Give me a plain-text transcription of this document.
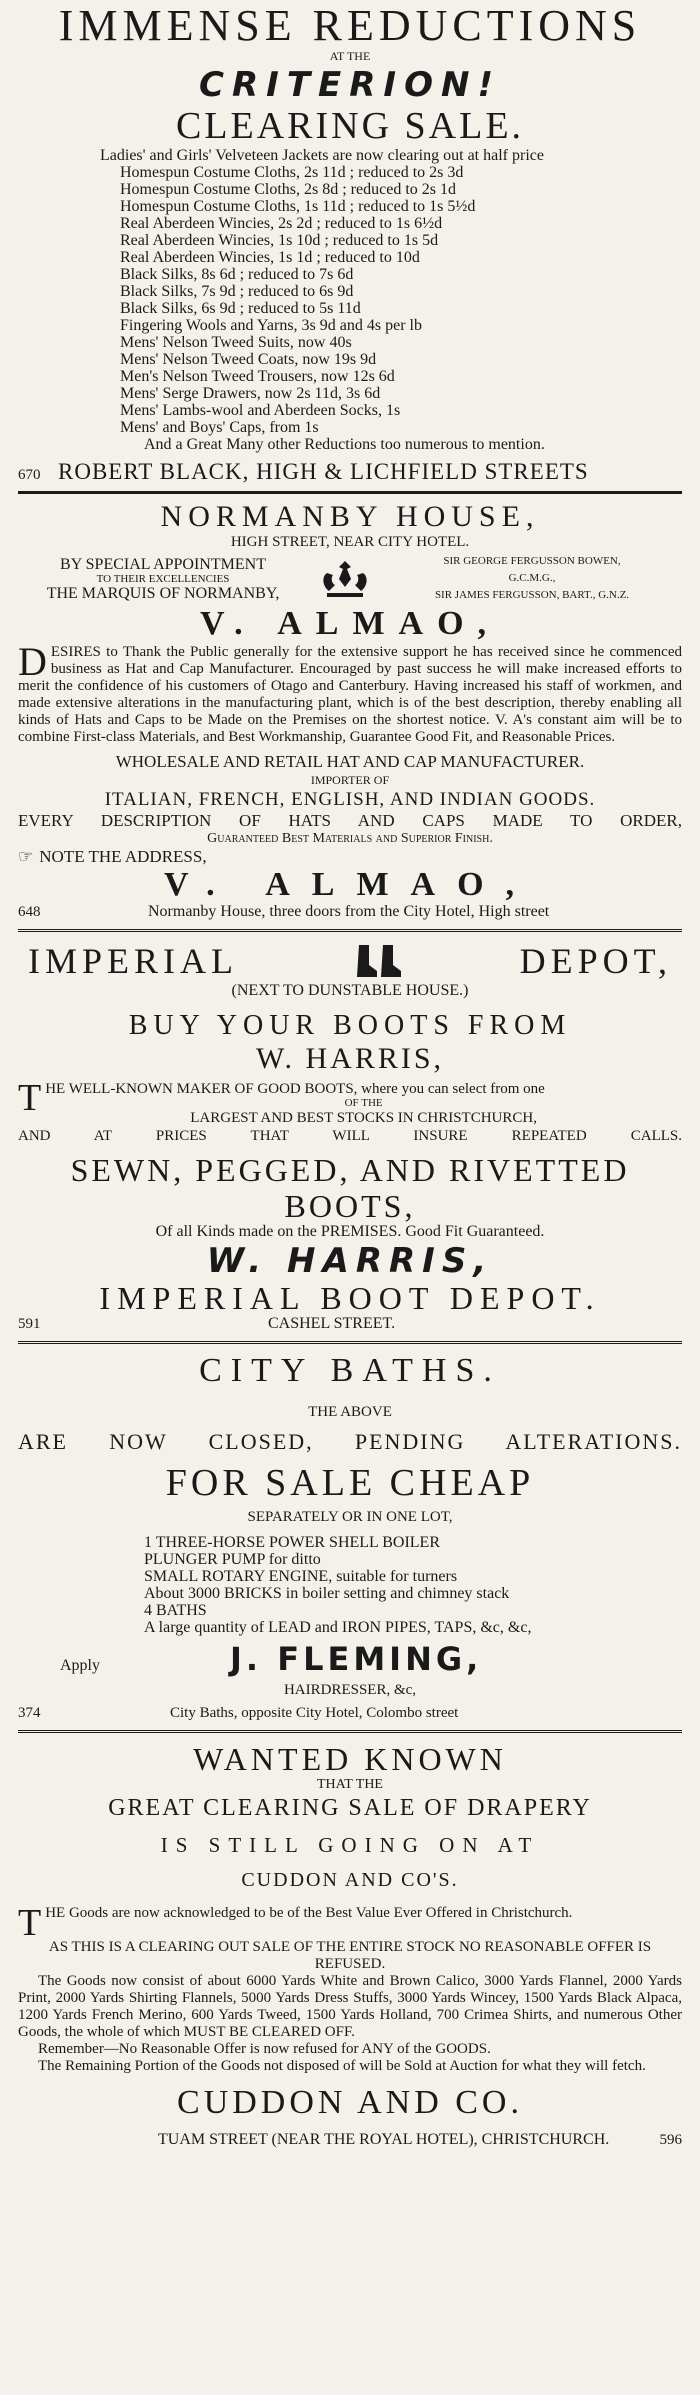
IMMENSE REDUCTIONS
AT THE
CRITERION!
CLEARING SALE.
Ladies' and Girls' Velveteen Jackets are now clearing out at half price
Homespun Costume Cloths, 2s 11d ; reduced to 2s 3d
Homespun Costume Cloths, 2s 8d ; reduced to 2s 1d
Homespun Costume Cloths, 1s 11d ; reduced to 1s 5½d
Real Aberdeen Wincies, 2s 2d ; reduced to 1s 6½d
Real Aberdeen Wincies, 1s 10d ; reduced to 1s 5d
Real Aberdeen Wincies, 1s 1d ; reduced to 10d
Black Silks, 8s 6d ; reduced to 7s 6d
Black Silks, 7s 9d ; reduced to 6s 9d
Black Silks, 6s 9d ; reduced to 5s 11d
Fingering Wools and Yarns, 3s 9d and 4s per lb
Mens' Nelson Tweed Suits, now 40s
Mens' Nelson Tweed Coats, now 19s 9d
Men's Nelson Tweed Trousers, now 12s 6d
Mens' Serge Drawers, now 2s 11d, 3s 6d
Mens' Lambs-wool and Aberdeen Socks, 1s
Mens' and Boys' Caps, from 1s
And a Great Many other Reductions too numerous to mention.
670 ROBERT BLACK, HIGH & LICHFIELD STREETS
NORMANBY HOUSE,
HIGH STREET, NEAR CITY HOTEL.
BY SPECIAL APPOINTMENT
TO THEIR EXCELLENCIES
THE MARQUIS OF NORMANBY,
SIR GEORGE FERGUSSON BOWEN,
G.C.M.G.,
SIR JAMES FERGUSSON, BART., G.N.Z.
V. ALMAO,
DESIRES to Thank the Public generally for the extensive support he has received since he commenced business as Hat and Cap Manufacturer. Encouraged by past success he will make increased efforts to merit the confidence of his customers of Otago and Canterbury. Having increased his staff of workmen, and made extensive alterations in the manufacturing plant, which is of the best description, thereby enabling all kinds of Hats and Caps to be Made on the Premises on the shortest notice. V. A's constant aim will be to combine First-class Materials, and Best Workmanship, Guarantee Good Fit, and Reasonable Prices.
WHOLESALE AND RETAIL HAT AND CAP MANUFACTURER.
IMPORTER OF
ITALIAN, FRENCH, ENGLISH, AND INDIAN GOODS.
EVERY DESCRIPTION OF HATS AND CAPS MADE TO ORDER,
Guaranteed Best Materials and Superior Finish.
☞ NOTE THE ADDRESS,
V. ALMAO,
648	Normanby House, three doors from the City Hotel, High street
IMPERIAL	DEPOT,
(NEXT TO DUNSTABLE HOUSE.)
BUY YOUR BOOTS FROM
W. HARRIS,
T HE WELL-KNOWN MAKER OF GOOD BOOTS, where you can select from one
OF THE
LARGEST AND BEST STOCKS IN CHRISTCHURCH,
AND AT PRICES THAT WILL INSURE REPEATED CALLS.
SEWN, PEGGED, AND RIVETTED
BOOTS,
Of all Kinds made on the PREMISES. Good Fit Guaranteed.
W. HARRIS,
IMPERIAL BOOT DEPOT.
591	CASHEL STREET.
CITY BATHS.
THE ABOVE
ARE NOW CLOSED, PENDING ALTERATIONS.
FOR SALE CHEAP
SEPARATELY OR IN ONE LOT,
1 THREE-HORSE POWER SHELL BOILER
PLUNGER PUMP for ditto
SMALL ROTARY ENGINE, suitable for turners
About 3000 BRICKS in boiler setting and chimney stack
4 BATHS
A large quantity of LEAD and IRON PIPES, TAPS, &c, &c,
Apply	J. FLEMING,
HAIRDRESSER, &c,
374	City Baths, opposite City Hotel, Colombo street
WANTED KNOWN
THAT THE
GREAT CLEARING SALE OF DRAPERY
IS STILL GOING ON AT
CUDDON AND CO'S.
THE Goods are now acknowledged to be of the Best Value Ever Offered in Christchurch.
AS THIS IS A CLEARING OUT SALE OF THE ENTIRE STOCK NO REASONABLE OFFER IS REFUSED.
The Goods now consist of about 6000 Yards White and Brown Calico, 3000 Yards Flannel, 2000 Yards Print, 2000 Yards Shirting Flannels, 5000 Yards Dress Stuffs, 3000 Yards Wincey, 1500 Yards Black Alpaca, 1200 Yards French Merino, 600 Yards Tweed, 1500 Yards Holland, 700 Crimea Shirts, and numerous Other Goods, the whole of which MUST BE CLEARED OFF.
Remember—No Reasonable Offer is now refused for ANY of the GOODS.
The Remaining Portion of the Goods not disposed of will be Sold at Auction for what they will fetch.
CUDDON AND CO.
TUAM STREET (NEAR THE ROYAL HOTEL), CHRISTCHURCH.	596
